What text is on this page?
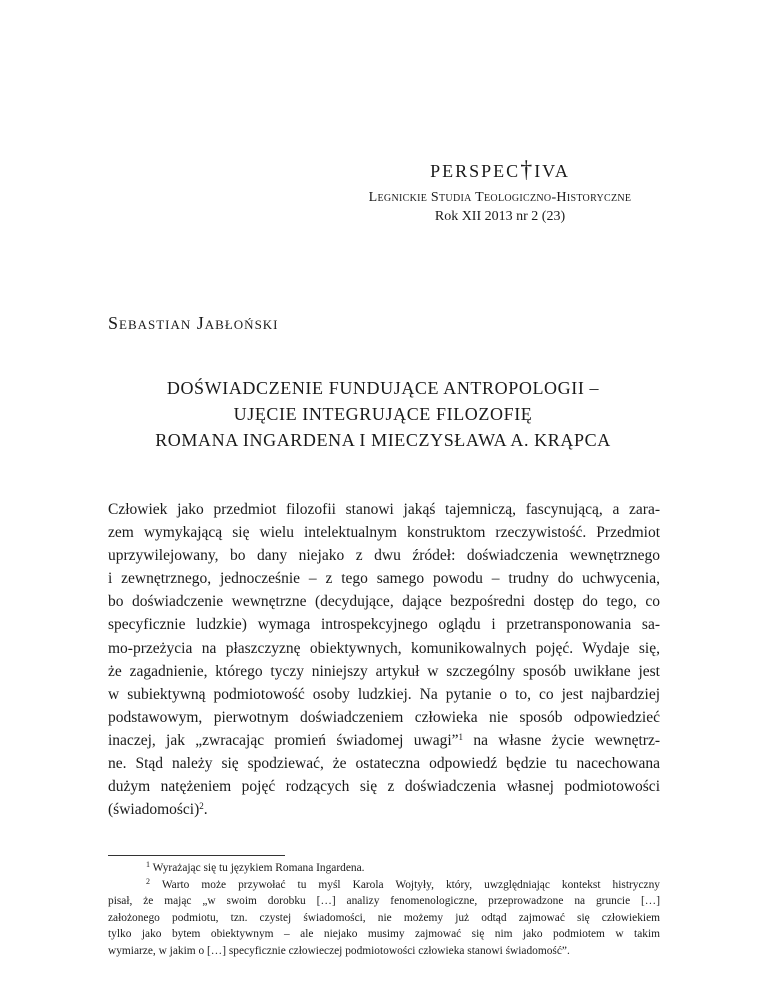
perspec†iva
Legnickie Studia Teologiczno-Historyczne
Rok XII 2013 nr 2 (23)
Sebastian Jabłoński
DOŚWIADCZENIE FUNDUJĄCE ANTROPOLOGII –
UJĘCIE INTEGRUJĄCE FILOZOFIĘ
ROMANA INGARDENA I MIECZYSŁAWA A. KRĄPCA
Człowiek jako przedmiot filozofii stanowi jakąś tajemniczą, fascynującą, a zara-
zem wymykającą się wielu intelektualnym konstruktom rzeczywistość. Przedmiot
uprzywilejowany, bo dany niejako z dwu źródeł: doświadczenia wewnętrznego
i zewnętrznego, jednocześnie – z tego samego powodu – trudny do uchwycenia,
bo doświadczenie wewnętrzne (decydujące, dające bezpośredni dostęp do tego, co
specyficznie ludzkie) wymaga introspekcyjnego oglądu i przetransponowania sa-
mo-przeżycia na płaszczyznę obiektywnych, komunikowalnych pojęć. Wydaje się,
że zagadnienie, którego tyczy niniejszy artykuł w szczególny sposób uwikłane jest
w subiektywną podmiotowość osoby ludzkiej. Na pytanie o to, co jest najbardziej
podstawowym, pierwotnym doświadczeniem człowieka nie sposób odpowiedzieć
inaczej, jak „zwracając promień świadomej uwagi”$^1$ na własne życie wewnętrz-
ne. Stąd należy się spodziewać, że ostateczna odpowiedź będzie tu nacechowana
dużym natężeniem pojęć rodzących się z doświadczenia własnej podmiotowości
(świadomości)$^2$.
$^1$ Wyrażając się tu językiem Romana Ingardena.
$^2$ Warto może przywołać tu myśl Karola Wojtyły, który, uwzględniając kontekst histryczny
pisał, że mając „w swoim dorobku […] analizy fenomenologiczne, przeprowadzone na gruncie […]
założonego podmiotu, tzn. czystej świadomości, nie możemy już odtąd zajmować się człowiekiem
tylko jako bytem obiektywnym – ale niejako musimy zajmować się nim jako podmiotem w takim
wymiarze, w jakim o […] specyficznie człowieczej podmiotowości człowieka stanowi świadomość”.
